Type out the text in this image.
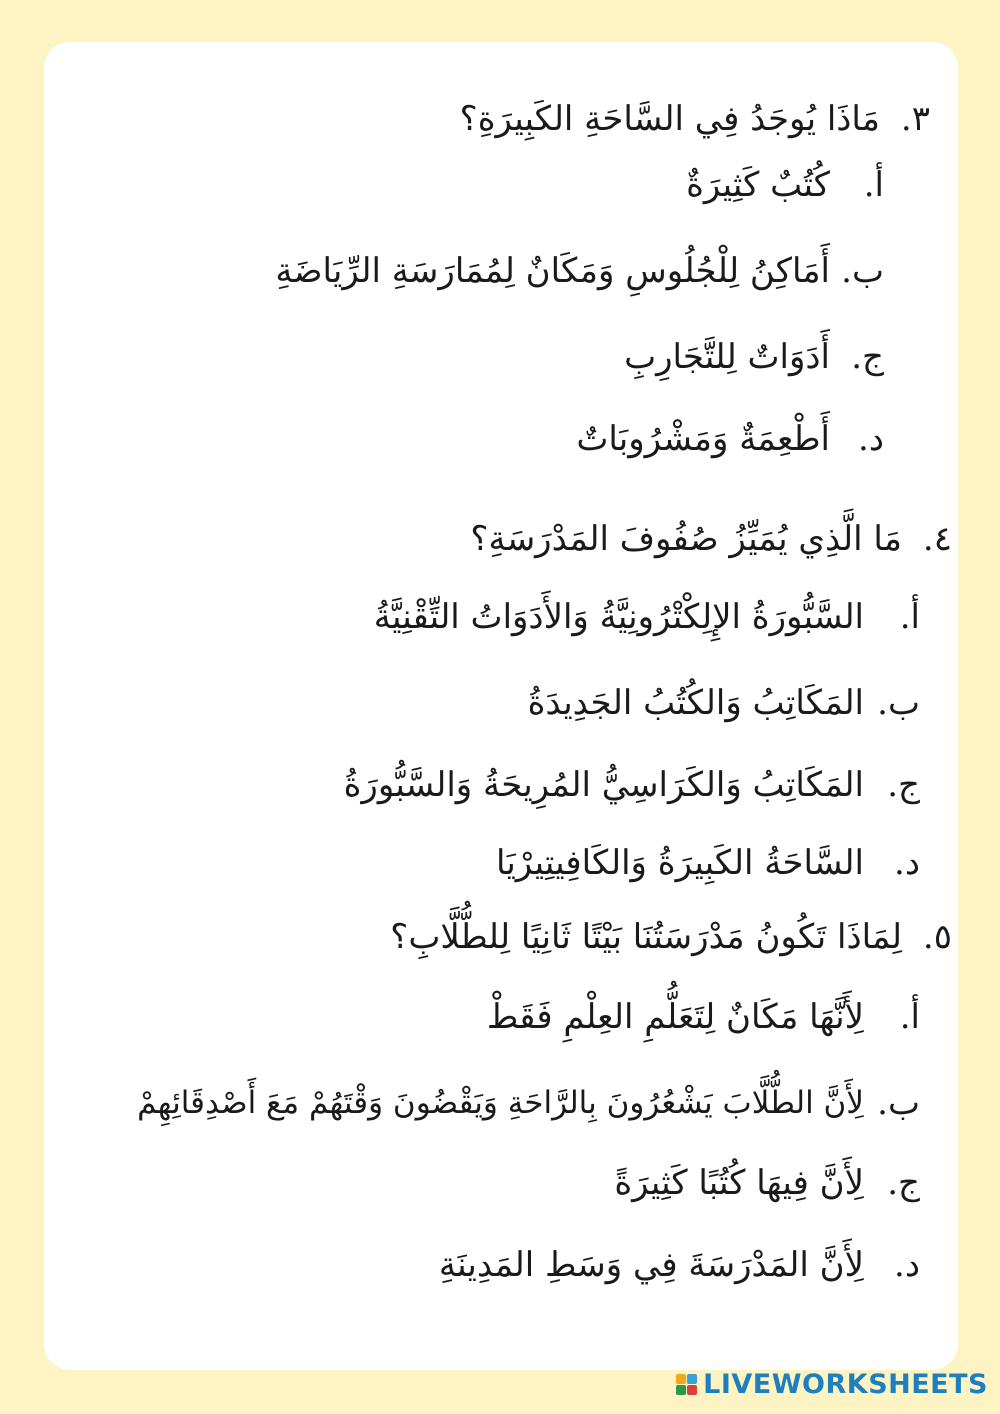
٣.
مَاذَا يُوجَدُ فِي السَّاحَةِ الكَبِيرَةِ؟
أ.
كُتُبٌ كَثِيرَةٌ
ب.
أَمَاكِنُ لِلْجُلُوسِ وَمَكَانٌ لِمُمَارَسَةِ الرِّيَاضَةِ
ج.
أَدَوَاتٌ لِلتَّجَارِبِ
د.
أَطْعِمَةٌ وَمَشْرُوبَاتٌ
٤.
مَا الَّذِي يُمَيِّزُ صُفُوفَ المَدْرَسَةِ؟
أ.
السَّبُّورَةُ الإِلِكْتْرُونِيَّةُ وَالأَدَوَاتُ التِّقْنِيَّةُ
ب.
المَكَاتِبُ وَالكُتُبُ الجَدِيدَةُ
ج.
المَكَاتِبُ وَالكَرَاسِيُّ المُرِيحَةُ وَالسَّبُّورَةُ
د.
السَّاحَةُ الكَبِيرَةُ وَالكَافِيتِيرْيَا
٥.
لِمَاذَا تَكُونُ مَدْرَسَتُنَا بَيْتًا ثَانِيًا لِلطُّلَّابِ؟
أ.
لِأَنَّهَا مَكَانٌ لِتَعَلُّمِ العِلْمِ فَقَطْ
ب.
لِأَنَّ الطُّلَّابَ يَشْعُرُونَ بِالرَّاحَةِ وَيَقْضُونَ وَقْتَهُمْ مَعَ أَصْدِقَائِهِمْ
ج.
لِأَنَّ فِيهَا كُتُبًا كَثِيرَةً
د.
لِأَنَّ المَدْرَسَةَ فِي وَسَطِ المَدِينَةِ
LIVEWORKSHEETS
